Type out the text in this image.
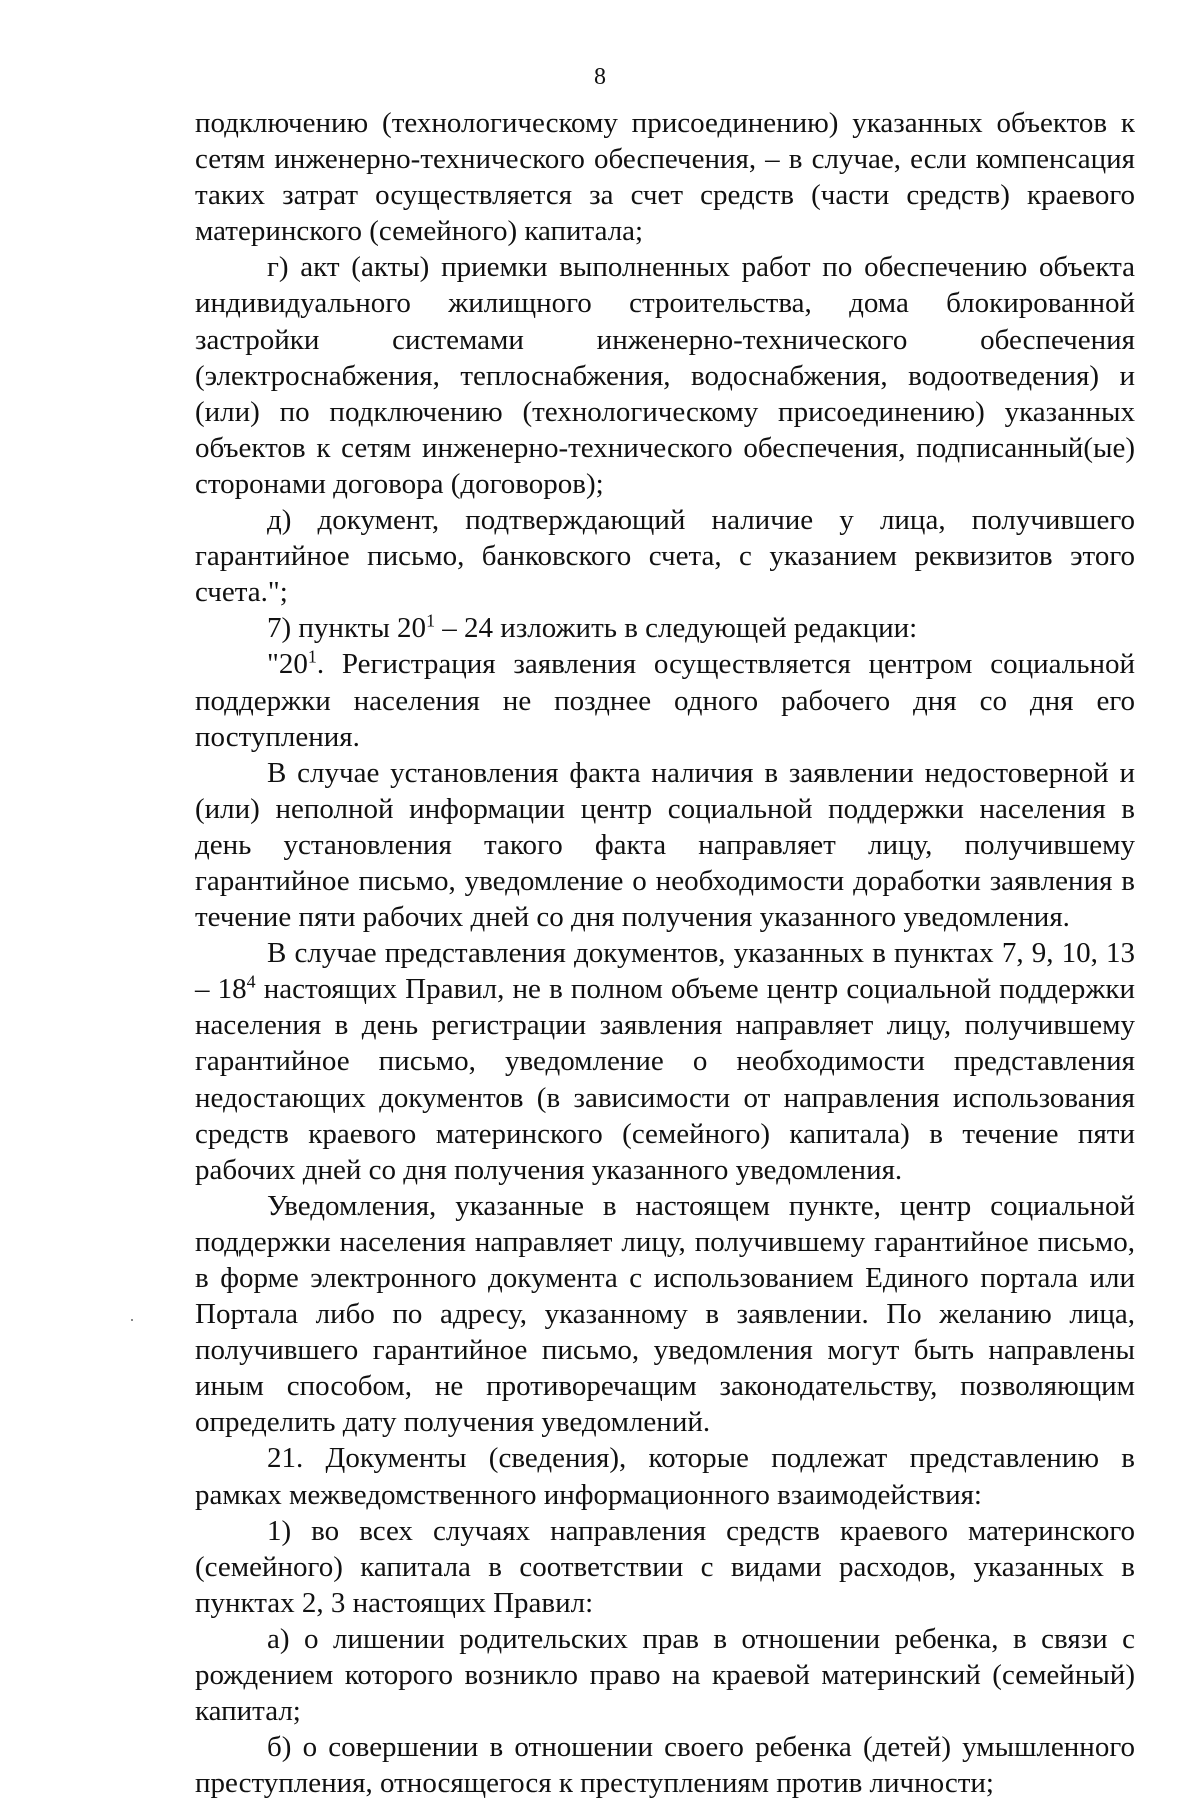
8

подключению (технологическому присоединению) указанных объектов к сетям инженерно-технического обеспечения, – в случае, если компенсация таких затрат осуществляется за счет средств (части средств) краевого материнского (семейного) капитала;

г) акт (акты) приемки выполненных работ по обеспечению объекта индивидуального жилищного строительства, дома блокированной застройки системами инженерно-технического обеспечения (электроснабжения, теплоснабжения, водоснабжения, водоотведения) и (или) по подключению (технологическому присоединению) указанных объектов к сетям инженерно-технического обеспечения, подписанный(ые) сторонами договора (договоров);

д) документ, подтверждающий наличие у лица, получившего гарантийное письмо, банковского счета, с указанием реквизитов этого счета.";

7) пункты $20^1 - 24$ изложить в следующей редакции:

"$20^1$. Регистрация заявления осуществляется центром социальной поддержки населения не позднее одного рабочего дня со дня его поступления.

В случае установления факта наличия в заявлении недостоверной и (или) неполной информации центр социальной поддержки населения в день установления такого факта направляет лицу, получившему гарантийное письмо, уведомление о необходимости доработки заявления в течение пяти рабочих дней со дня получения указанного уведомления.

В случае представления документов, указанных в пунктах 7, 9, 10, $13 - 18^4$ настоящих Правил, не в полном объеме центр социальной поддержки населения в день регистрации заявления направляет лицу, получившему гарантийное письмо, уведомление о необходимости представления недостающих документов (в зависимости от направления использования средств краевого материнского (семейного) капитала) в течение пяти рабочих дней со дня получения указанного уведомления.

Уведомления, указанные в настоящем пункте, центр социальной поддержки населения направляет лицу, получившему гарантийное письмо, в форме электронного документа с использованием Единого портала или Портала либо по адресу, указанному в заявлении. По желанию лица, получившего гарантийное письмо, уведомления могут быть направлены иным способом, не противоречащим законодательству, позволяющим определить дату получения уведомлений.

21. Документы (сведения), которые подлежат представлению в рамках межведомственного информационного взаимодействия:

1) во всех случаях направления средств краевого материнского (семейного) капитала в соответствии с видами расходов, указанных в пунктах 2, 3 настоящих Правил:

а) о лишении родительских прав в отношении ребенка, в связи с рождением которого возникло право на краевой материнский (семейный) капитал;

б) о совершении в отношении своего ребенка (детей) умышленного преступления, относящегося к преступлениям против личности;
